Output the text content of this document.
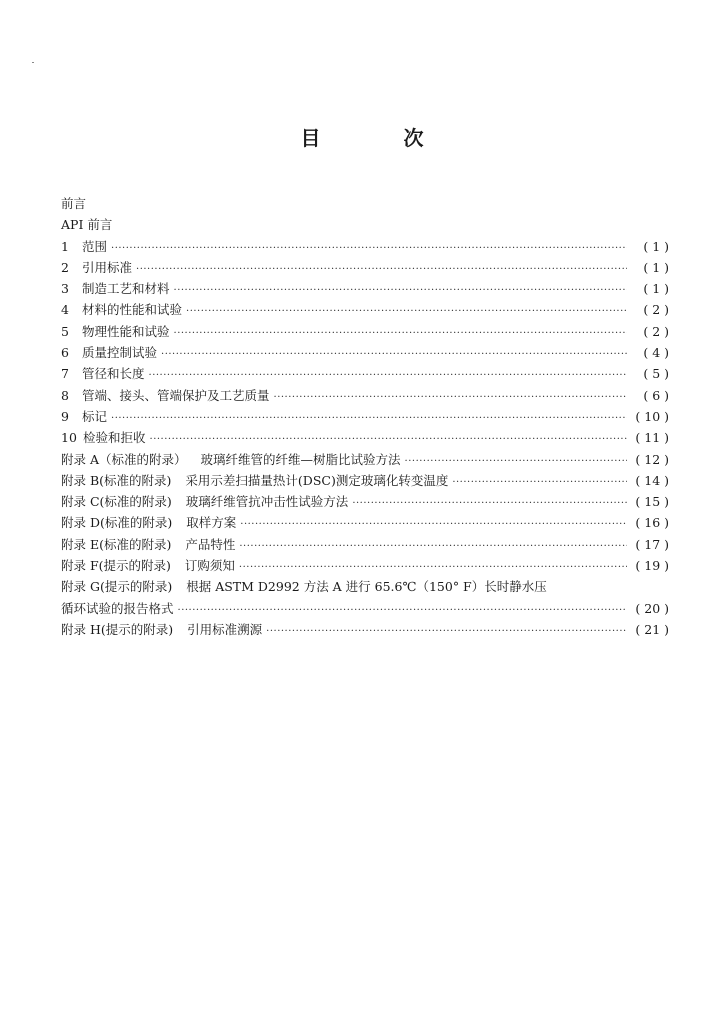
目 次
前言
API 前言
1	范围 ·····	( 1 )
2	引用标准 ·····	( 1 )
3	制造工艺和材料 ·····	( 1 )
4	材料的性能和试验 ·····	( 2 )
5	物理性能和试验 ·····	( 2 )
6	质量控制试验 ·····	( 4 )
7	管径和长度 ·····	( 5 )
8	管端、接头、管端保护及工艺质量 ·····	( 6 )
9	标记 ·····	( 10 )
10 检验和拒收 ·····	( 11 )
附录 A（标准的附录） 玻璃纤维管的纤维—树脂比试验方法 ·····	( 12 )
附录 B(标准的附录) 采用示差扫描量热计(DSC)测定玻璃化转变温度 ·····	( 14 )
附录 C(标准的附录) 玻璃纤维管抗冲击性试验方法 ·····	( 15 )
附录 D(标准的附录) 取样方案 ·····	( 16 )
附录 E(标准的附录) 产品特性 ·····	( 17 )
附录 F(提示的附录) 订购须知 ·····	( 19 )
附录 G(提示的附录) 根据 ASTM D2992 方法 A 进行 65.6℃（150° F）长时静水压
循环试验的报告格式 ·····	( 20 )
附录 H(提示的附录) 引用标准溯源 ·····	( 21 )
